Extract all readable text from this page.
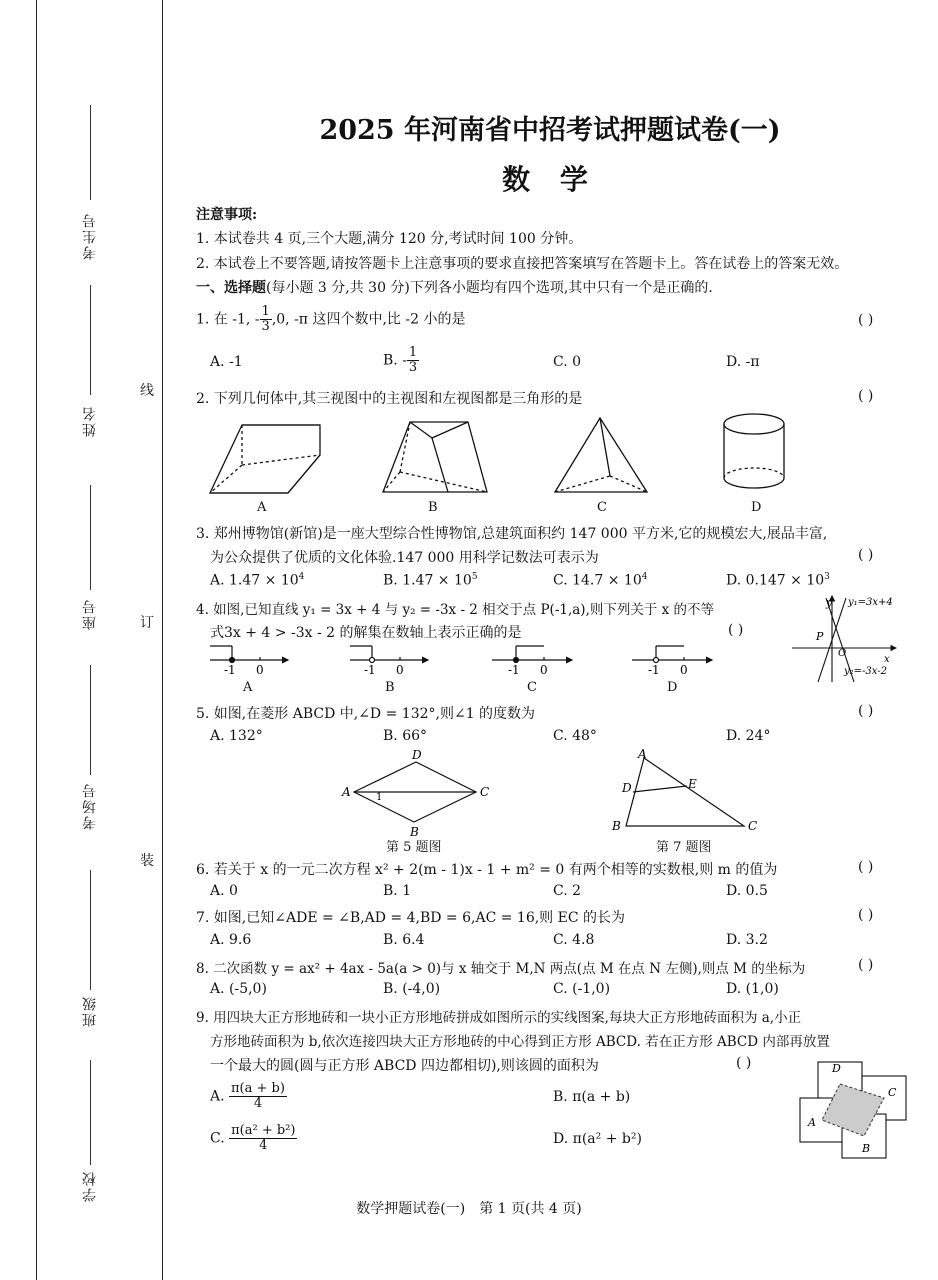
考生号
姓名
座号
考场号
班级
学校
线
订
装
2025 年河南省中招考试押题试卷(一)
数 学
注意事项:
1. 本试卷共 4 页,三个大题,满分 120 分,考试时间 100 分钟。
2. 本试卷上不要答题,请按答题卡上注意事项的要求直接把答案填写在答题卡上。答在试卷上的答案无效。
一、选择题(每小题 3 分,共 30 分)下列各小题均有四个选项,其中只有一个是正确的.
1. 在 -1, - $\frac{1}{3} ,0$, -π 这四个数中,比 -2 小的是	( )
A. -1	B. - $\frac{1}{3}$	C. 0	D. -π
2. 下列几何体中,其三视图中的主视图和左视图都是三角形的是	( )
A	B	C	D
3. 郑州博物馆(新馆)是一座大型综合性博物馆,总建筑面积约 147 000 平方米,它的规模宏大,展品丰富,
为公众提供了优质的文化体验.147 000 用科学记数法可表示为	( )
A. $1.47 \times 10^4$	B. $1.47 \times 10^5$	C. $14.7 \times 10^4$	D. $0.147 \times 10^3$
4. 如图,已知直线 y₁ = 3x + 4 与 y₂ = -3x - 2 相交于点 P(-1,a),则下列关于 x 的不等
式3x + 4 > -3x - 2 的解集在数轴上表示正确的是	( )
-1 0	-1 0	-1 0	-1 0
A	B	C	D
y y₁=3x+4
x
P
O
y₂=-3x-2
5. 如图,在菱形 ABCD 中,∠D = 132°,则∠1 的度数为	( )
A. 132°	B. 66°	C. 48°	D. 24°
A
D
C
B
1
第 5 题图
A
D	E
B	C
第 7 题图
6. 若关于 x 的一元二次方程 x² + 2(m - 1)x - 1 + m² = 0 有两个相等的实数根,则 m 的值为	( )
A. 0	B. 1	C. 2	D. 0.5
7. 如图,已知∠ADE = ∠B,AD = 4,BD = 6,AC = 16,则 EC 的长为	( )
A. 9.6	B. 6.4	C. 4.8	D. 3.2
8. 二次函数 y = ax² + 4ax - 5a(a > 0)与 x 轴交于 M,N 两点(点 M 在点 N 左侧),则点 M 的坐标为	( )
A. (-5,0)	B. (-4,0)	C. (-1,0)	D. (1,0)
9. 用四块大正方形地砖和一块小正方形地砖拼成如图所示的实线图案,每块大正方形地砖面积为 a,小正
方形地砖面积为 b,依次连接四块大正方形地砖的中心得到正方形 ABCD. 若在正方形 ABCD 内部再放置
一个最大的圆(圆与正方形 ABCD 四边都相切),则该圆的面积为	( )
A. $\frac{\pi(a + b)}{4}$	B. π(a + b)
C. $\frac{\text{π(a² + b²)}}{4}$	D. π(a² + b²)
D
C
A
B
数学押题试卷(一)　第 1 页(共 4 页)
